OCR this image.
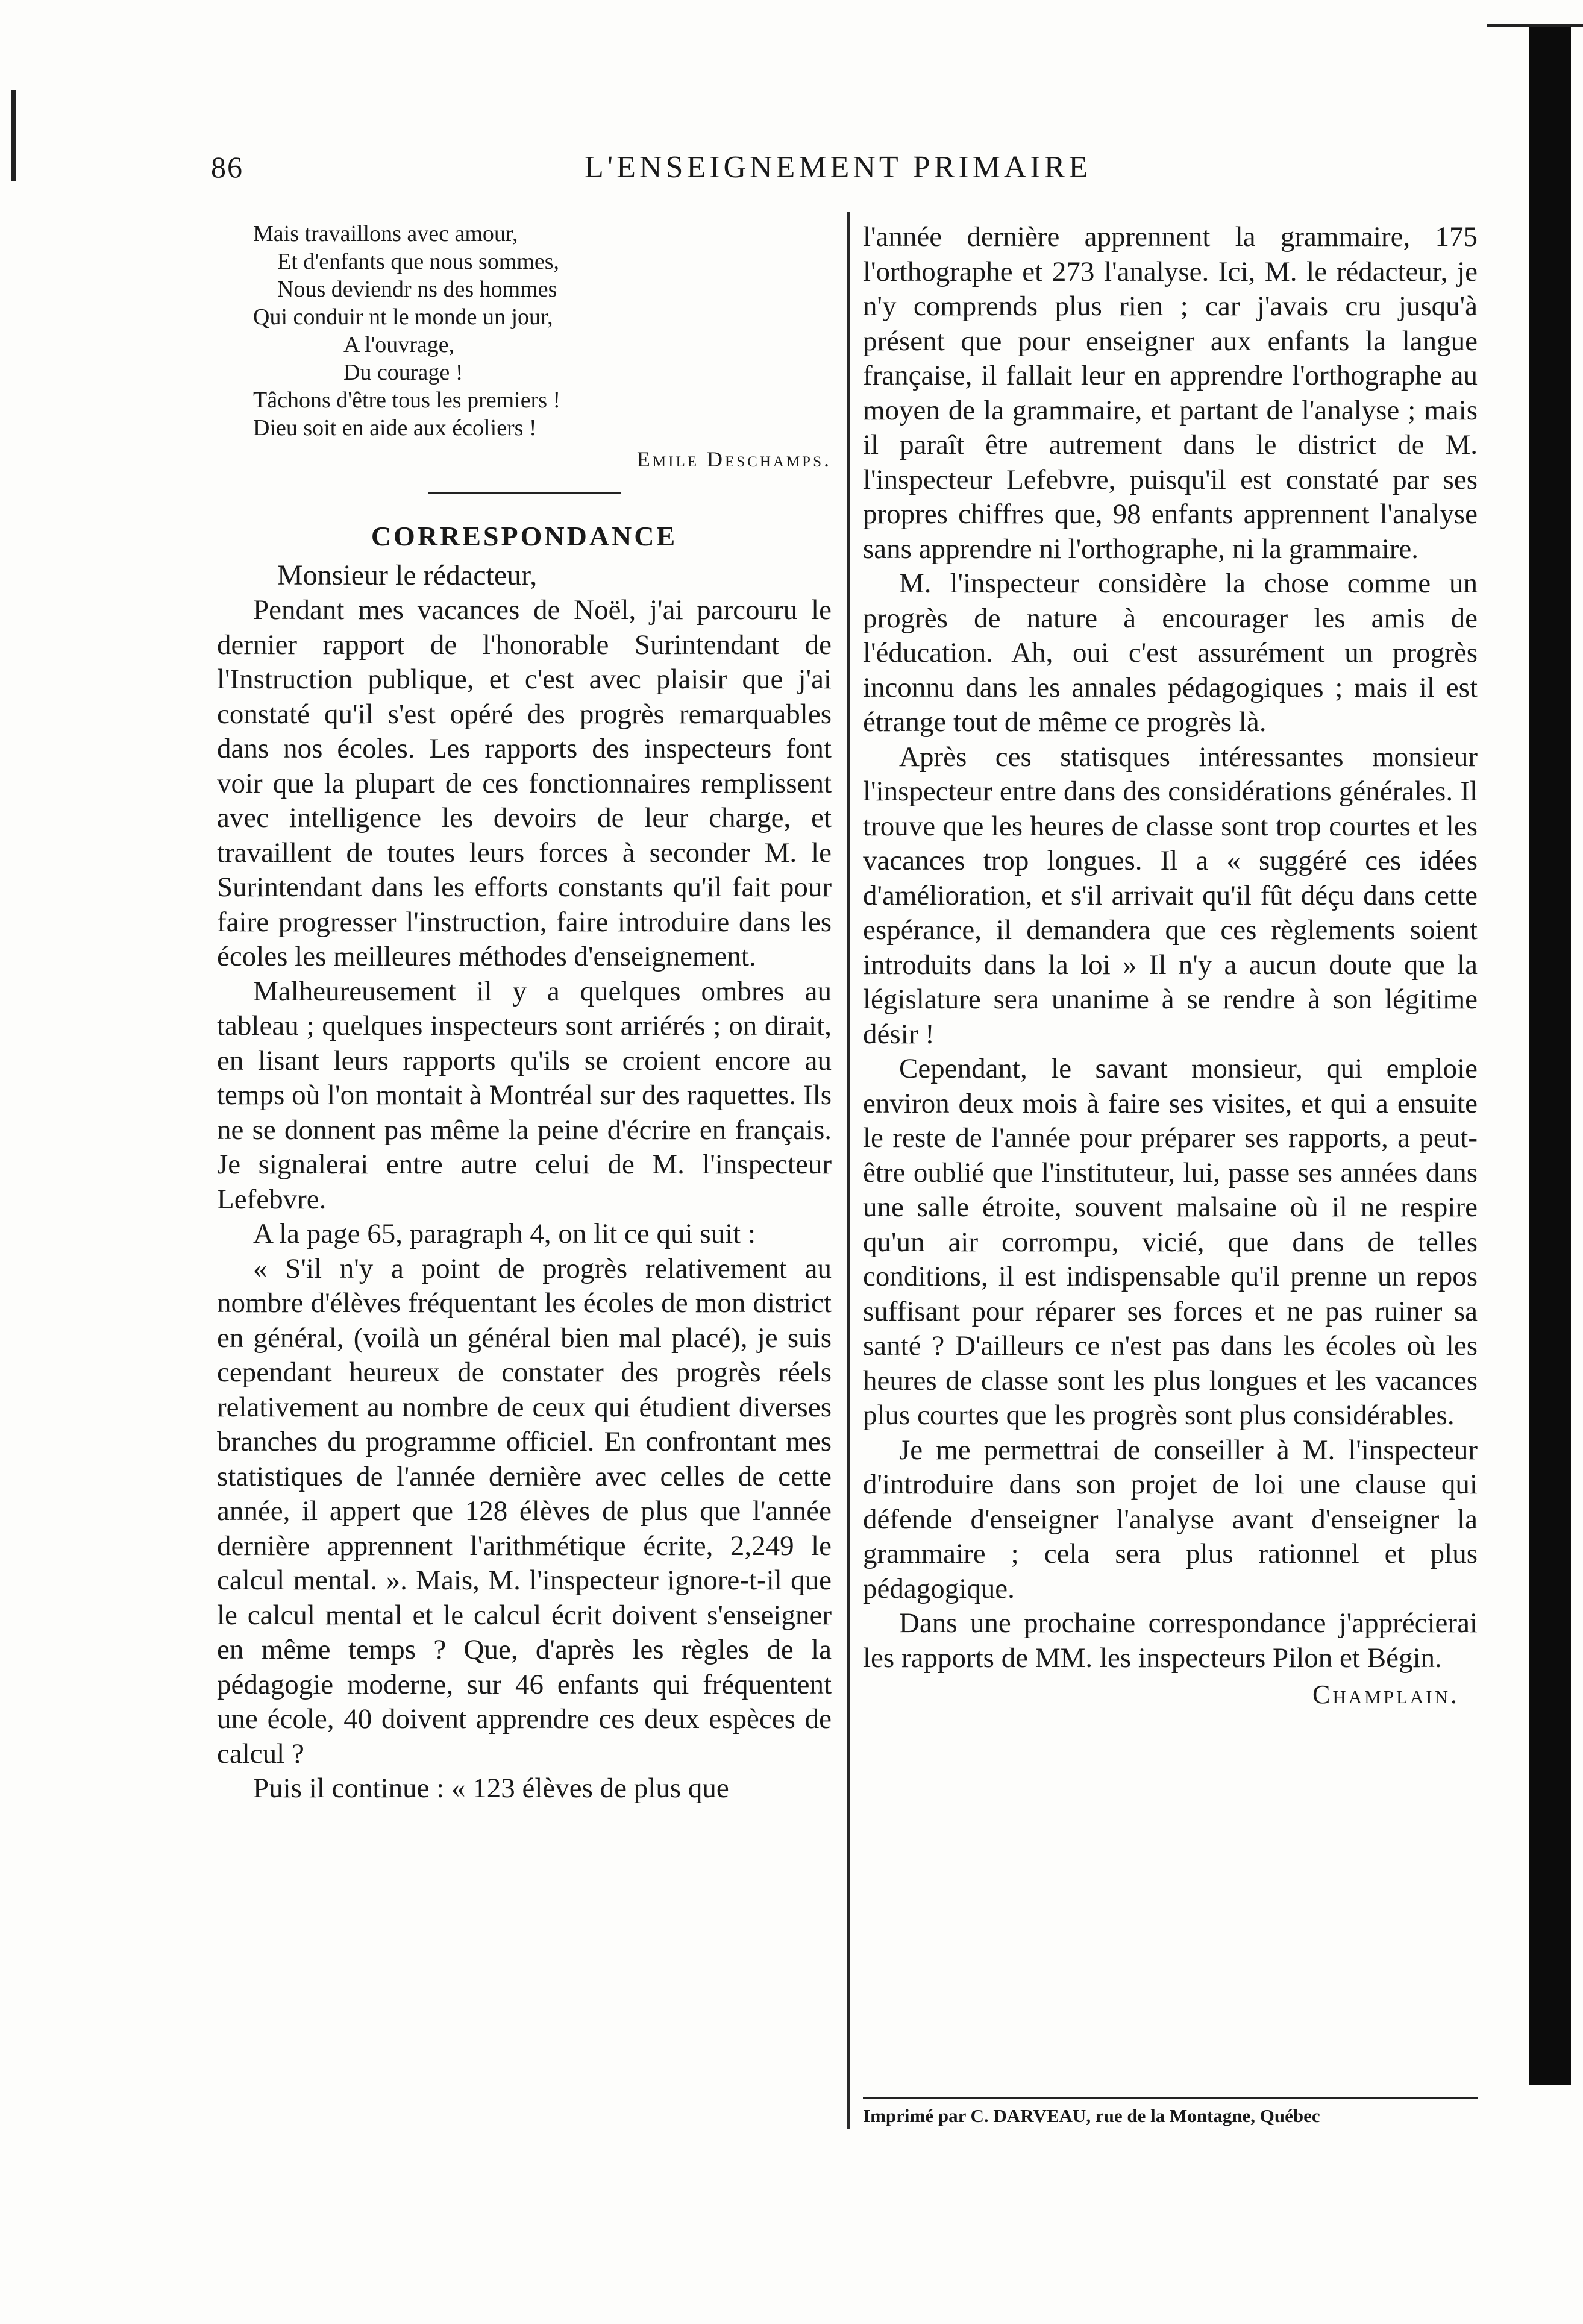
86	L'ENSEIGNEMENT PRIMAIRE
Mais travaillons avec amour,
Et d'enfants que nous sommes,
Nous deviendr ns des hommes
Qui conduir nt le monde un jour,
A l'ouvrage,
Du courage !
Tâchons d'être tous les premiers !
Dieu soit en aide aux écoliers !

Emile Deschamps.

CORRESPONDANCE

Monsieur le rédacteur,

Pendant mes vacances de Noël, j'ai parcouru le dernier rapport de l'honorable Surintendant de l'Instruction publique, et c'est avec plaisir que j'ai constaté qu'il s'est opéré des progrès remarquables dans nos écoles. Les rapports des inspecteurs font voir que la plupart de ces fonctionnaires remplissent avec intelligence les devoirs de leur charge, et travaillent de toutes leurs forces à seconder M. le Surintendant dans les efforts constants qu'il fait pour faire progresser l'instruction, faire introduire dans les écoles les meilleures méthodes d'enseignement.

Malheureusement il y a quelques ombres au tableau ; quelques inspecteurs sont arriérés ; on dirait, en lisant leurs rapports qu'ils se croient encore au temps où l'on montait à Montréal sur des raquettes. Ils ne se donnent pas même la peine d'écrire en français. Je signalerai entre autre celui de M. l'inspecteur Lefebvre.

A la page 65, paragraph 4, on lit ce qui suit :

« S'il n'y a point de progrès relativement au nombre d'élèves fréquentant les écoles de mon district en général, (voilà un général bien mal placé), je suis cependant heureux de constater des progrès réels relativement au nombre de ceux qui étudient diverses branches du programme officiel. En confrontant mes statistiques de l'année dernière avec celles de cette année, il appert que 128 élèves de plus que l'année dernière apprennent l'arithmétique écrite, 2,249 le calcul mental. ». Mais, M. l'inspecteur ignore-t-il que le calcul mental et le calcul écrit doivent s'enseigner en même temps ? Que, d'après les règles de la pédagogie moderne, sur 46 enfants qui fréquentent une école, 40 doivent apprendre ces deux espèces de calcul ?

Puis il continue : « 123 élèves de plus que

l'année dernière apprennent la grammaire, 175 l'orthographe et 273 l'analyse. Ici, M. le rédacteur, je n'y comprends plus rien ; car j'avais cru jusqu'à présent que pour enseigner aux enfants la langue française, il fallait leur en apprendre l'orthographe au moyen de la grammaire, et partant de l'analyse ; mais il paraît être autrement dans le district de M. l'inspecteur Lefebvre, puisqu'il est constaté par ses propres chiffres que, 98 enfants apprennent l'analyse sans apprendre ni l'orthographe, ni la grammaire.

M. l'inspecteur considère la chose comme un progrès de nature à encourager les amis de l'éducation. Ah, oui c'est assurément un progrès inconnu dans les annales pédagogiques ; mais il est étrange tout de même ce progrès là.

Après ces statisques intéressantes monsieur l'inspecteur entre dans des considérations générales. Il trouve que les heures de classe sont trop courtes et les vacances trop longues. Il a « suggéré ces idées d'amélioration, et s'il arrivait qu'il fût déçu dans cette espérance, il demandera que ces règlements soient introduits dans la loi » Il n'y a aucun doute que la législature sera unanime à se rendre à son légitime désir !

Cependant, le savant monsieur, qui emploie environ deux mois à faire ses visites, et qui a ensuite le reste de l'année pour préparer ses rapports, a peut-être oublié que l'instituteur, lui, passe ses années dans une salle étroite, souvent malsaine où il ne respire qu'un air corrompu, vicié, que dans de telles conditions, il est indispensable qu'il prenne un repos suffisant pour réparer ses forces et ne pas ruiner sa santé ? D'ailleurs ce n'est pas dans les écoles où les heures de classe sont les plus longues et les vacances plus courtes que les progrès sont plus considérables.

Je me permettrai de conseiller à M. l'inspecteur d'introduire dans son projet de loi une clause qui défende d'enseigner l'analyse avant d'enseigner la grammaire ; cela sera plus rationnel et plus pédagogique.

Dans une prochaine correspondance j'apprécierai les rapports de MM. les inspecteurs Pilon et Bégin.

Champlain.

Imprimé par C. DARVEAU, rue de la Montagne, Québec
